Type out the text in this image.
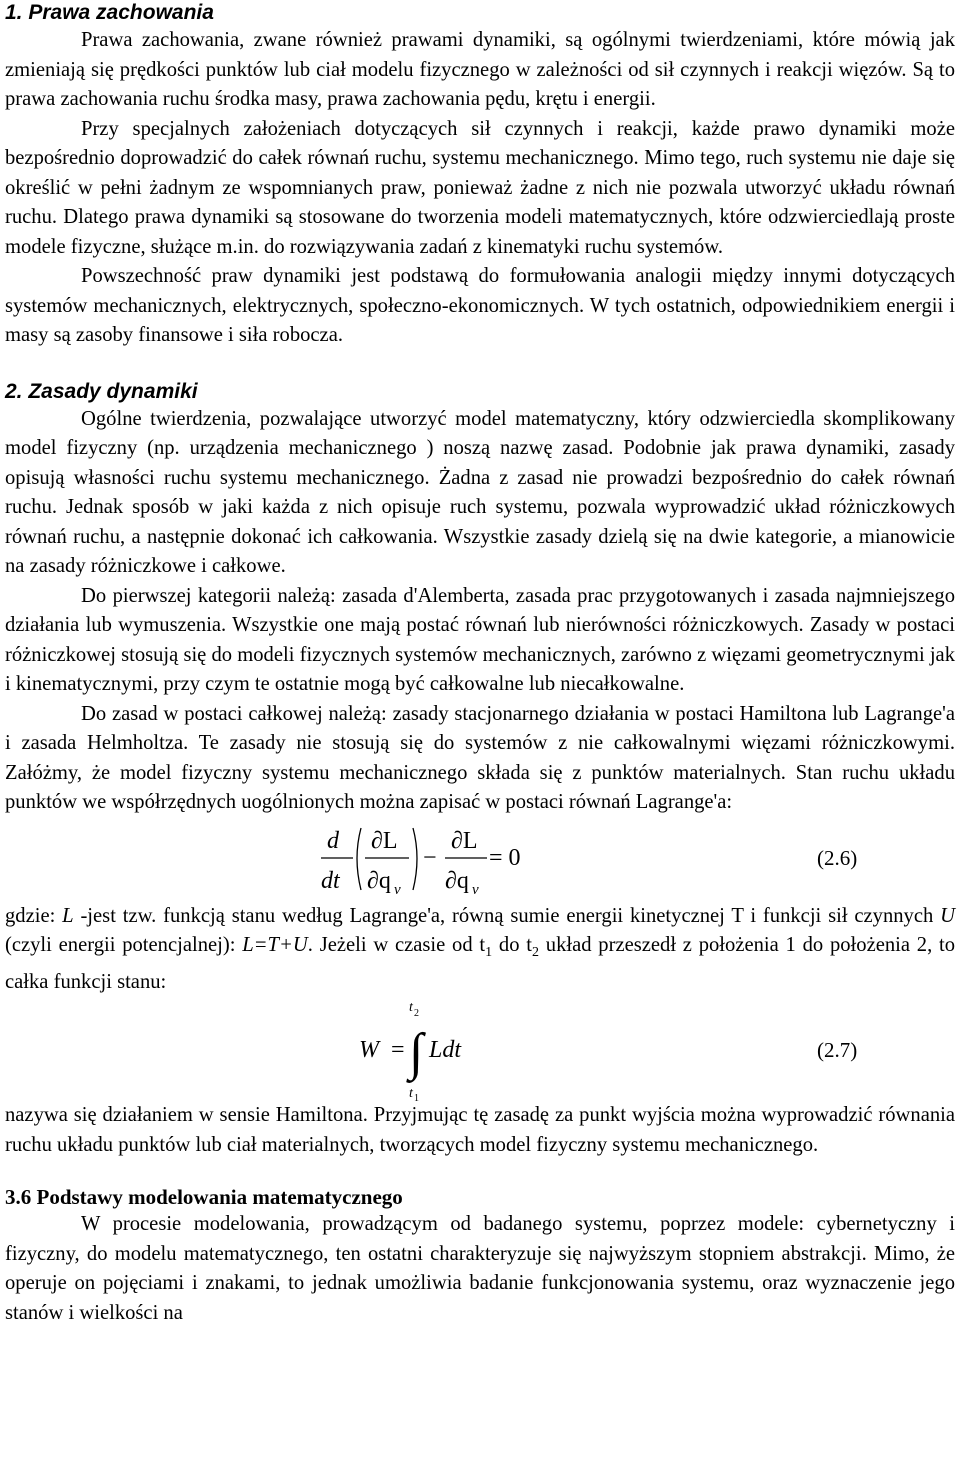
1. Prawa zachowania

Prawa zachowania, zwane również prawami dynamiki, są ogólnymi twierdzeniami, które mówią jak zmieniają się prędkości punktów lub ciał modelu fizycznego w zależności od sił czynnych i reakcji więzów. Są to prawa zachowania ruchu środka masy, prawa zachowania pędu, krętu i energii.

Przy specjalnych założeniach dotyczących sił czynnych i reakcji, każde prawo dynamiki może bezpośrednio doprowadzić do całek równań ruchu, systemu mechanicznego. Mimo tego, ruch systemu nie daje się określić w pełni żadnym ze wspomnianych praw, ponieważ żadne z nich nie pozwala utworzyć układu równań ruchu. Dlatego prawa dynamiki są stosowane do tworzenia modeli matematycznych, które odzwierciedlają proste modele fizyczne, służące m.in. do rozwiązywania zadań z kinematyki ruchu systemów.

Powszechność praw dynamiki jest podstawą do formułowania analogii między innymi dotyczących systemów mechanicznych, elektrycznych, społeczno-ekonomicznych. W tych ostatnich, odpowiednikiem energii i masy są zasoby finansowe i siła robocza.

2. Zasady dynamiki

Ogólne twierdzenia, pozwalające utworzyć model matematyczny, który odzwierciedla skomplikowany model fizyczny (np. urządzenia mechanicznego ) noszą nazwę zasad. Podobnie jak prawa dynamiki, zasady opisują własności ruchu systemu mechanicznego. Żadna z zasad nie prowadzi bezpośrednio do całek równań ruchu. Jednak sposób w jaki każda z nich opisuje ruch systemu, pozwala wyprowadzić układ różniczkowych równań ruchu, a następnie dokonać ich całkowania. Wszystkie zasady dzielą się na dwie kategorie, a mianowicie na zasady różniczkowe i całkowe.

Do pierwszej kategorii należą: zasada d'Alemberta, zasada prac przygotowanych i zasada najmniejszego działania lub wymuszenia. Wszystkie one mają postać równań lub nierówności różniczkowych. Zasady w postaci różniczkowej stosują się do modeli fizycznych systemów mechanicznych, zarówno z więzami geometrycznymi jak i kinematycznymi, przy czym te ostatnie mogą być całkowalne lub niecałkowalne.

Do zasad w postaci całkowej należą: zasady stacjonarnego działania w postaci Hamiltona lub Lagrange'a i zasada Helmholtza. Te zasady nie stosują się do systemów z nie całkowalnymi więzami różniczkowymi. Załóżmy, że model fizyczny systemu mechanicznego składa się z punktów materialnych. Stan ruchu układu punktów we współrzędnych uogólnionych można zapisać w postaci równań Lagrange'a:

d
dt
∂L
∂q v
−
∂L
∂q v
= 0	(2.6)

gdzie: L -jest tzw. funkcją stanu według Lagrange'a, równą sumie energii kinetycznej T i funkcji sił czynnych U (czyli energii potencjalnej): L=T+U. Jeżeli w czasie od $t_1$ do $t_2$ układ przeszedł z położenia 1 do położenia 2, to całka funkcji stanu:

W =
t 2
∫
t 1
Ldt	(2.7)

nazywa się działaniem w sensie Hamiltona. Przyjmując tę zasadę za punkt wyjścia można wyprowadzić równania ruchu układu punktów lub ciał materialnych, tworzących model fizyczny systemu mechanicznego.

3.6 Podstawy modelowania matematycznego

W procesie modelowania, prowadzącym od badanego systemu, poprzez modele: cybernetyczny i fizyczny, do modelu matematycznego, ten ostatni charakteryzuje się najwyższym stopniem abstrakcji. Mimo, że operuje on pojęciami i znakami, to jednak umożliwia badanie funkcjonowania systemu, oraz wyznaczenie jego stanów i wielkości na
